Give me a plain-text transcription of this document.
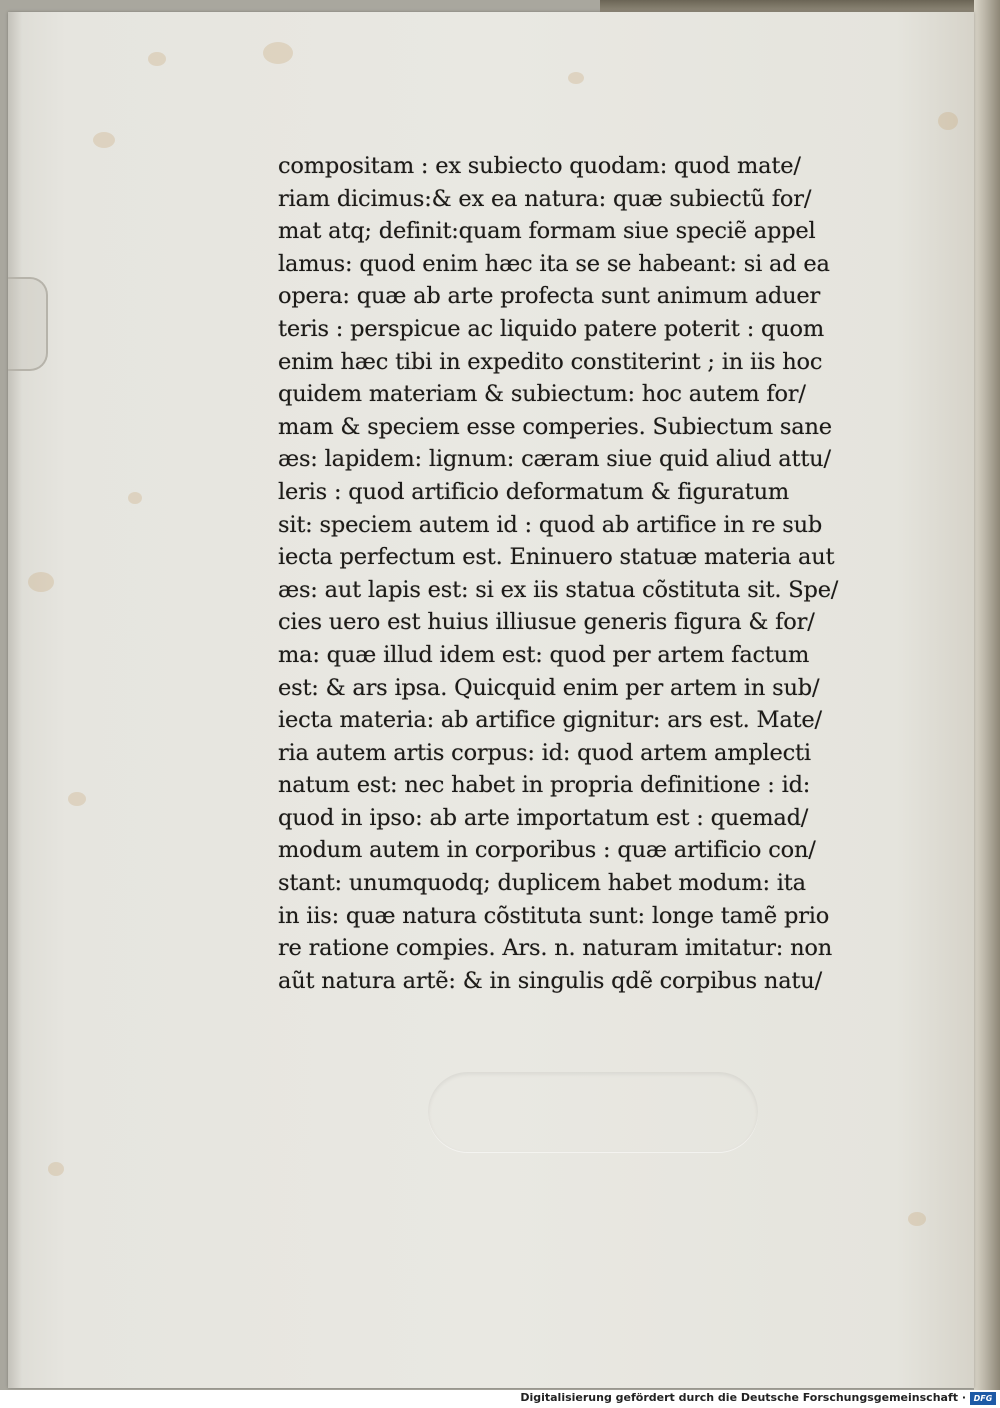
compositam : ex subiecto quodam: quod mate/
riam dicimus:& ex ea natura: quæ subiectũ for/
mat atq; definit:quam formam siue speciẽ appel
lamus: quod enim hæc ita se se habeant: si ad ea
opera: quæ ab arte profecta sunt animum aduer
teris : perspicue ac liquido patere poterit : quom
enim hæc tibi in expedito constiterint ; in iis hoc
quidem materiam & subiectum: hoc autem for/
mam & speciem esse comperies. Subiectum sane
æs: lapidem: lignum: cæram siue quid aliud attu/
leris : quod artificio deformatum & figuratum
sit: speciem autem id : quod ab artifice in re sub
iecta perfectum est. Eninuero statuæ materia aut
æs: aut lapis est: si ex iis statua cõstituta sit. Spe/
cies uero est huius illiusue generis figura & for/
ma: quæ illud idem est: quod per artem factum
est: & ars ipsa. Quicquid enim per artem in sub/
iecta materia: ab artifice gignitur: ars est. Mate/
ria autem artis corpus: id: quod artem amplecti
natum est: nec habet in propria definitione : id:
quod in ipso: ab arte importatum est : quemad/
modum autem in corporibus : quæ artificio con/
stant: unumquodq; duplicem habet modum: ita
in iis: quæ natura cõstituta sunt: longe tamẽ prio
re ratione compies. Ars. n. naturam imitatur: non
aũt natura artẽ: & in singulis qdẽ corpibus natu/
Digitalisierung gefördert durch die Deutsche Forschungsgemeinschaft · DFG
